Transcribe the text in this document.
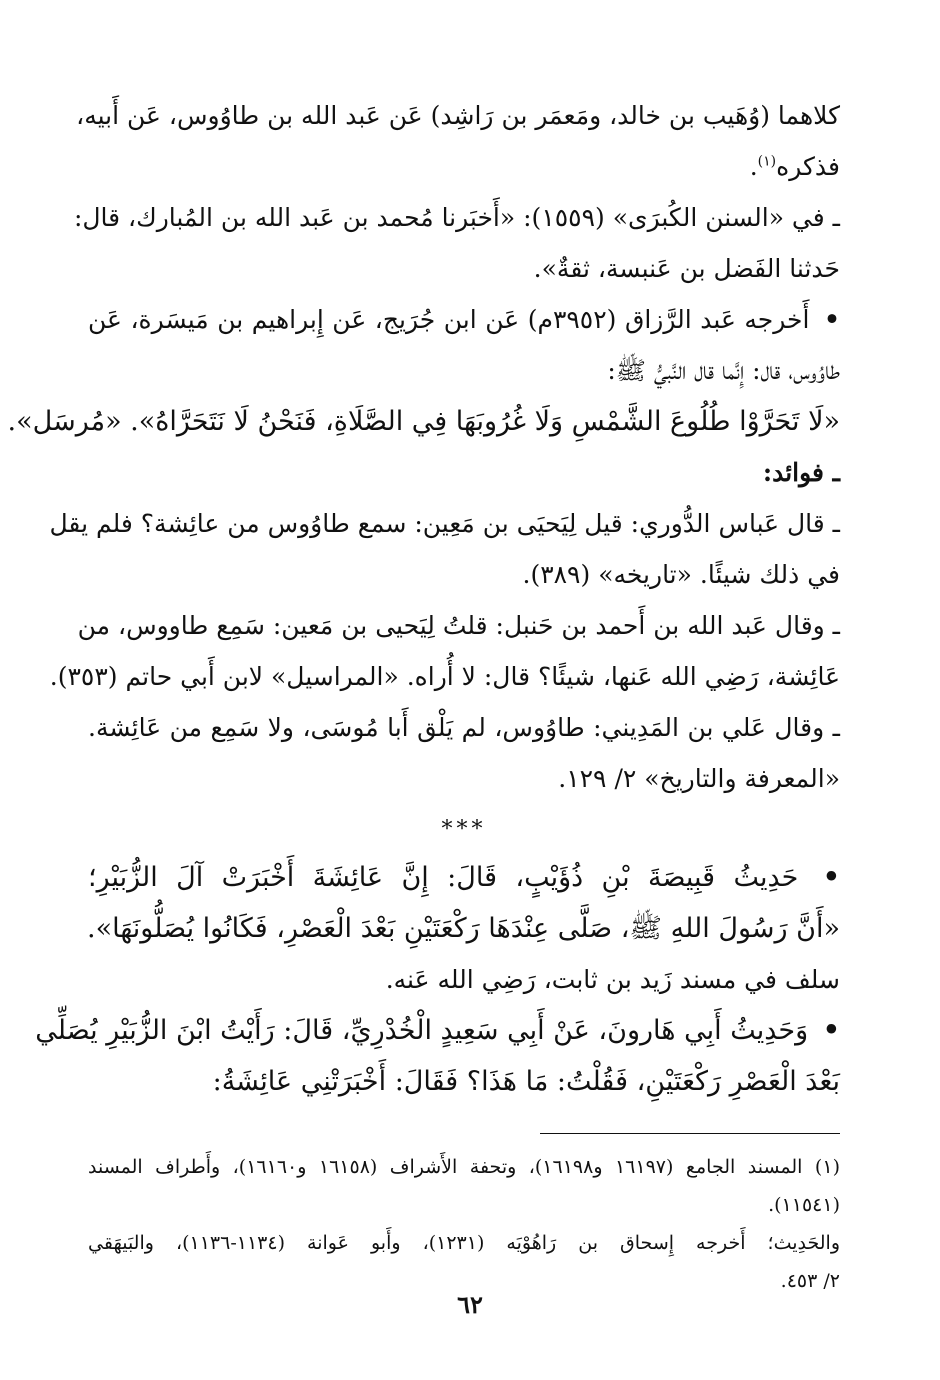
كلاهما (وُهَيب بن خالد، ومَعمَر بن رَاشِد) عَن عَبد الله بن طاوُوس، عَن أَبيه،
فذكره$^{(١)}$.
ـ في «السنن الكُبرَى» (١٥٥٩): «أَخبَرنا مُحمد بن عَبد الله بن المُبارك، قال:
حَدثنا الفَضل بن عَنبسة، ثقةٌ».
• أَخرجه عَبد الرَّزاق (٣٩٥٢م) عَن ابن جُرَيج، عَن إِبراهيم بن مَيسَرة، عَن
طاوُوس، قال: إِنَّما قال النَّبيُّ ﷺ:
«لَا تَحَرَّوْا طُلُوعَ الشَّمْسِ وَلَا غُرُوبَهَا فِي الصَّلَاةِ، فَنَحْنُ لَا نَتَحَرَّاهُ». «مُرسَل».
ـ فوائد:
ـ قال عَباس الدُّوري: قيل لِيَحيَى بن مَعِين: سمع طاوُوس من عائِشة؟ فلم يقل
في ذلك شيئًا. «تاريخه» (٣٨٩).
ـ وقال عَبد الله بن أَحمد بن حَنبل: قلتُ لِيَحيى بن مَعين: سَمِع طاووس، من
عَائِشة، رَضِي الله عَنها، شيئًا؟ قال: لا أُراه. «المراسيل» لابن أَبي حاتم (٣٥٣).
ـ وقال عَلي بن المَدِيني: طاوُوس، لم يَلْق أَبا مُوسَى، ولا سَمِع من عَائِشة.
«المعرفة والتاريخ» ٢/ ١٢٩.
***
• حَدِيثُ قَبِيصَةَ بْنِ ذُؤَيْبٍ، قَالَ: إِنَّ عَائِشَةَ أَخْبَرَتْ آلَ الزُّبَيْرِ؛
«أَنَّ رَسُولَ اللهِ ﷺ، صَلَّى عِنْدَهَا رَكْعَتَيْنِ بَعْدَ الْعَصْرِ، فَكَانُوا يُصَلُّونَهَا».
سلف في مسند زَيد بن ثابت، رَضِي الله عَنه.
• وَحَدِيثُ أَبِي هَارونَ، عَنْ أَبِي سَعِيدٍ الْخُدْرِيِّ، قَالَ: رَأَيْتُ ابْنَ الزُّبَيْرِ يُصَلِّي
بَعْدَ الْعَصْرِ رَكْعَتَيْنِ، فَقُلْتُ: مَا هَذَا؟ فَقَالَ: أَخْبَرَتْنِي عَائِشَةُ:
(١) المسند الجامع (١٦١٩٧ و١٦١٩٨)، وتحفة الأَشراف (١٦١٥٨ و١٦١٦٠)، وأَطراف المسند
(١١٥٤١).
والحَدِيث؛ أَخرجه إِسحاق بن رَاهُوْيَه (١٢٣١)، وأَبو عَوانة (١١٣٤-١١٣٦)، والبَيهَقي
٢/ ٤٥٣.
٦٢
